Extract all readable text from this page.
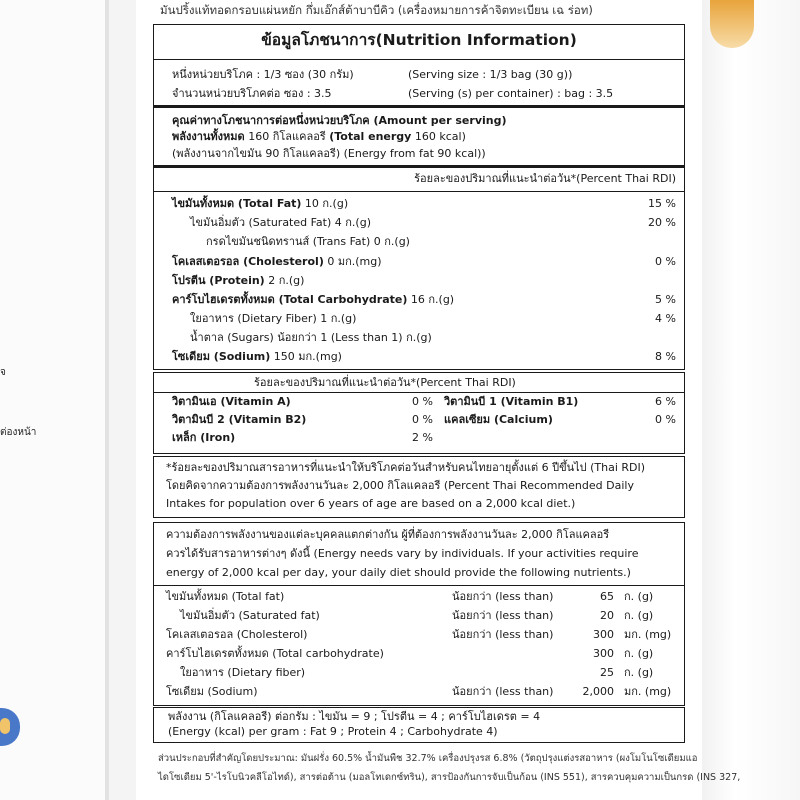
จ
ต่องหน้า
มันปริ้งแท้ทอดกรอบแผ่นหยัก กึ่มเอ๊กส์ต้าบาบีคิว (เครื่องหมายการค้าจิตทะเบียน เฉ ร่อท)
ข้อมูลโภชนาการ(Nutrition Information)
หนึ่งหน่วยบริโภค : 1/3 ซอง (30 กรัม)	(Serving size : 1/3 bag (30 g))
จำนวนหน่วยบริโภคต่อ ซอง : 3.5	(Serving (s) per container) : bag : 3.5
คุณค่าทางโภชนาการต่อหนึ่งหน่วยบริโภค (Amount per serving)
พลังงานทั้งหมด 160 กิโลแคลอรี (Total energy 160 kcal)
(พลังงานจากไขมัน 90 กิโลแคลอรี) (Energy from fat 90 kcal))
ร้อยละของปริมาณที่แนะนำต่อวัน*(Percent Thai RDI)
ไขมันทั้งหมด (Total Fat) 10 ก.(g)	15 %
ไขมันอิ่มตัว (Saturated Fat) 4 ก.(g)	20 %
กรดไขมันชนิดทรานส์ (Trans Fat) 0 ก.(g)
โคเลสเตอรอล (Cholesterol) 0 มก.(mg)	0 %
โปรตีน (Protein) 2 ก.(g)
คาร์โบไฮเดรตทั้งหมด (Total Carbohydrate) 16 ก.(g)	5 %
ใยอาหาร (Dietary Fiber) 1 ก.(g)	4 %
น้ำตาล (Sugars) น้อยกว่า 1 (Less than 1) ก.(g)
โซเดียม (Sodium) 150 มก.(mg)	8 %
ร้อยละของปริมาณที่แนะนำต่อวัน*(Percent Thai RDI)
วิตามินเอ (Vitamin A)	0 % วิตามินบี 1 (Vitamin B1)	6 %
วิตามินบี 2 (Vitamin B2)	0 % แคลเซียม (Calcium)	0 %
เหล็ก (Iron)	2 %
*ร้อยละของปริมาณสารอาหารที่แนะนำให้บริโภคต่อวันสำหรับคนไทยอายุตั้งแต่ 6 ปีขึ้นไป (Thai RDI)
โดยคิดจากความต้องการพลังงานวันละ 2,000 กิโลแคลอรี (Percent Thai Recommended Daily
Intakes for population over 6 years of age are based on a 2,000 kcal diet.)
ความต้องการพลังงานของแต่ละบุคคลแตกต่างกัน ผู้ที่ต้องการพลังงานวันละ 2,000 กิโลแคลอรี
ควรได้รับสารอาหารต่างๆ ดังนี้ (Energy needs vary by individuals. If your activities require
energy of 2,000 kcal per day, your daily diet should provide the following nutrients.)
ไขมันทั้งหมด (Total fat)	น้อยกว่า (less than)	65 ก. (g)
ไขมันอิ่มตัว (Saturated fat)	น้อยกว่า (less than)	20 ก. (g)
โคเลสเตอรอล (Cholesterol)	น้อยกว่า (less than)	300 มก. (mg)
คาร์โบไฮเดรตทั้งหมด (Total carbohydrate)	300 ก. (g)
ใยอาหาร (Dietary fiber)	25 ก. (g)
โซเดียม (Sodium)	น้อยกว่า (less than)	2,000 มก. (mg)
พลังงาน (กิโลแคลอรี) ต่อกรัม : ไขมัน = 9 ; โปรตีน = 4 ; คาร์โบไฮเดรต = 4
(Energy (kcal) per gram : Fat 9 ; Protein 4 ; Carbohydrate 4)
ส่วนประกอบที่สำคัญโดยประมาณ: มันฝรั่ง 60.5% น้ำมันพืช 32.7% เครื่องปรุงรส 6.8% (วัตถุปรุงแต่งรสอาหาร (ผงโมโนโซเดียมแอ
ไดโซเดียม 5'-ไรโบนิวคลีโอไทด์), สารต่อต้าน (มอลโทเดกซ์ทริน), สารป้องกันการจับเป็นก้อน (INS 551), สารควบคุมความเป็นกรด (INS 327,
